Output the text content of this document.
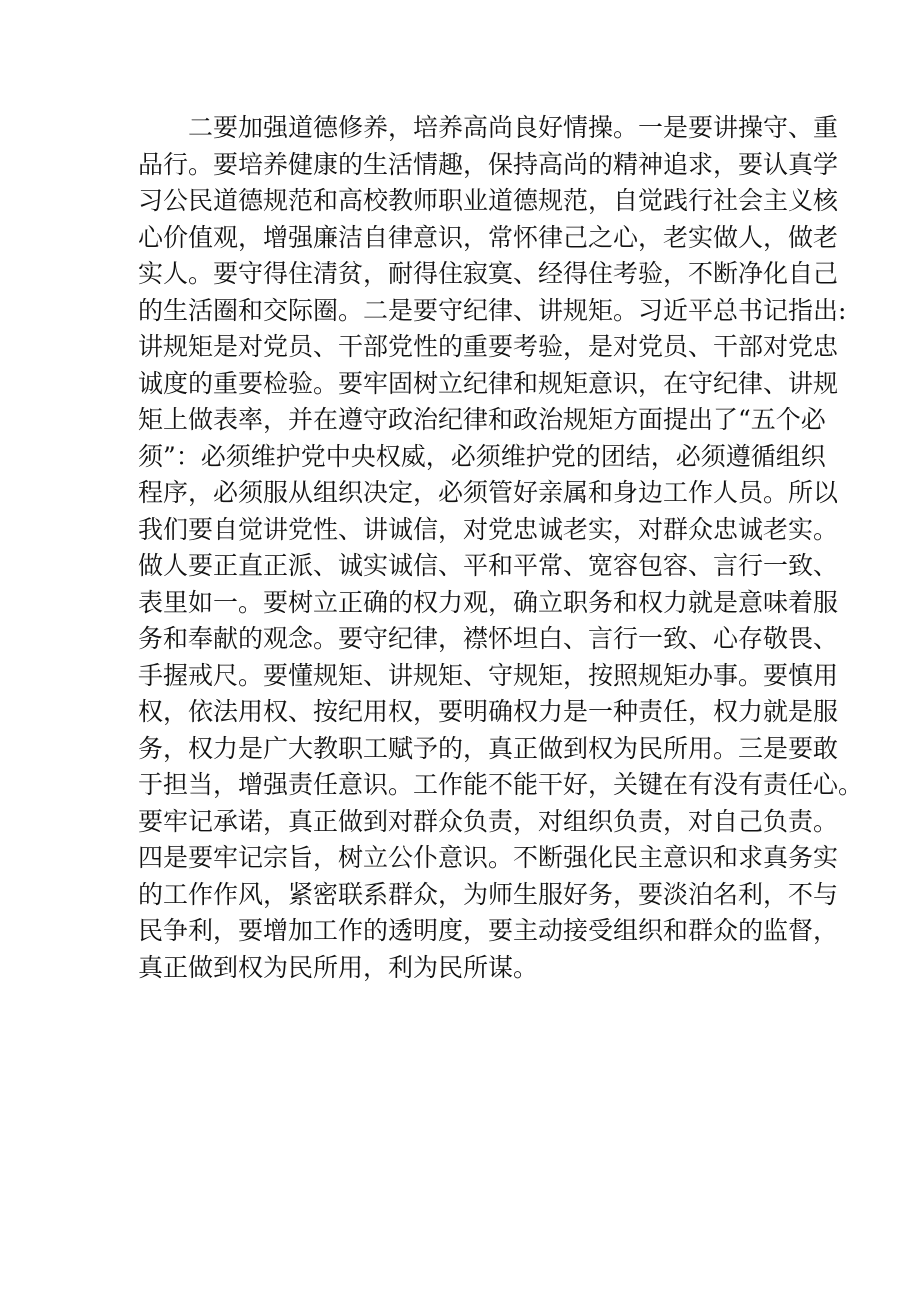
二要加强道德修养，培养高尚良好情操。一是要讲操守、重
品行。要培养健康的生活情趣，保持高尚的精神追求，要认真学
习公民道德规范和高校教师职业道德规范，自觉践行社会主义核
心价值观，增强廉洁自律意识，常怀律己之心，老实做人，做老
实人。要守得住清贫，耐得住寂寞、经得住考验，不断净化自己
的生活圈和交际圈。二是要守纪律、讲规矩。习近平总书记指出:
讲规矩是对党员、干部党性的重要考验，是对党员、干部对党忠
诚度的重要检验。要牢固树立纪律和规矩意识，在守纪律、讲规
矩上做表率，并在遵守政治纪律和政治规矩方面提出了“五个必
须”：必须维护党中央权威，必须维护党的团结，必须遵循组织
程序，必须服从组织决定，必须管好亲属和身边工作人员。所以
我们要自觉讲党性、讲诚信，对党忠诚老实，对群众忠诚老实。
做人要正直正派、诚实诚信、平和平常、宽容包容、言行一致、
表里如一。要树立正确的权力观，确立职务和权力就是意味着服
务和奉献的观念。要守纪律，襟怀坦白、言行一致、心存敬畏、
手握戒尺。要懂规矩、讲规矩、守规矩，按照规矩办事。要慎用
权，依法用权、按纪用权，要明确权力是一种责任，权力就是服
务，权力是广大教职工赋予的，真正做到权为民所用。三是要敢
于担当，增强责任意识。工作能不能干好，关键在有没有责任心。
要牢记承诺，真正做到对群众负责，对组织负责，对自己负责。
四是要牢记宗旨，树立公仆意识。不断强化民主意识和求真务实
的工作作风，紧密联系群众，为师生服好务，要淡泊名利，不与
民争利，要增加工作的透明度，要主动接受组织和群众的监督，
真正做到权为民所用，利为民所谋。
